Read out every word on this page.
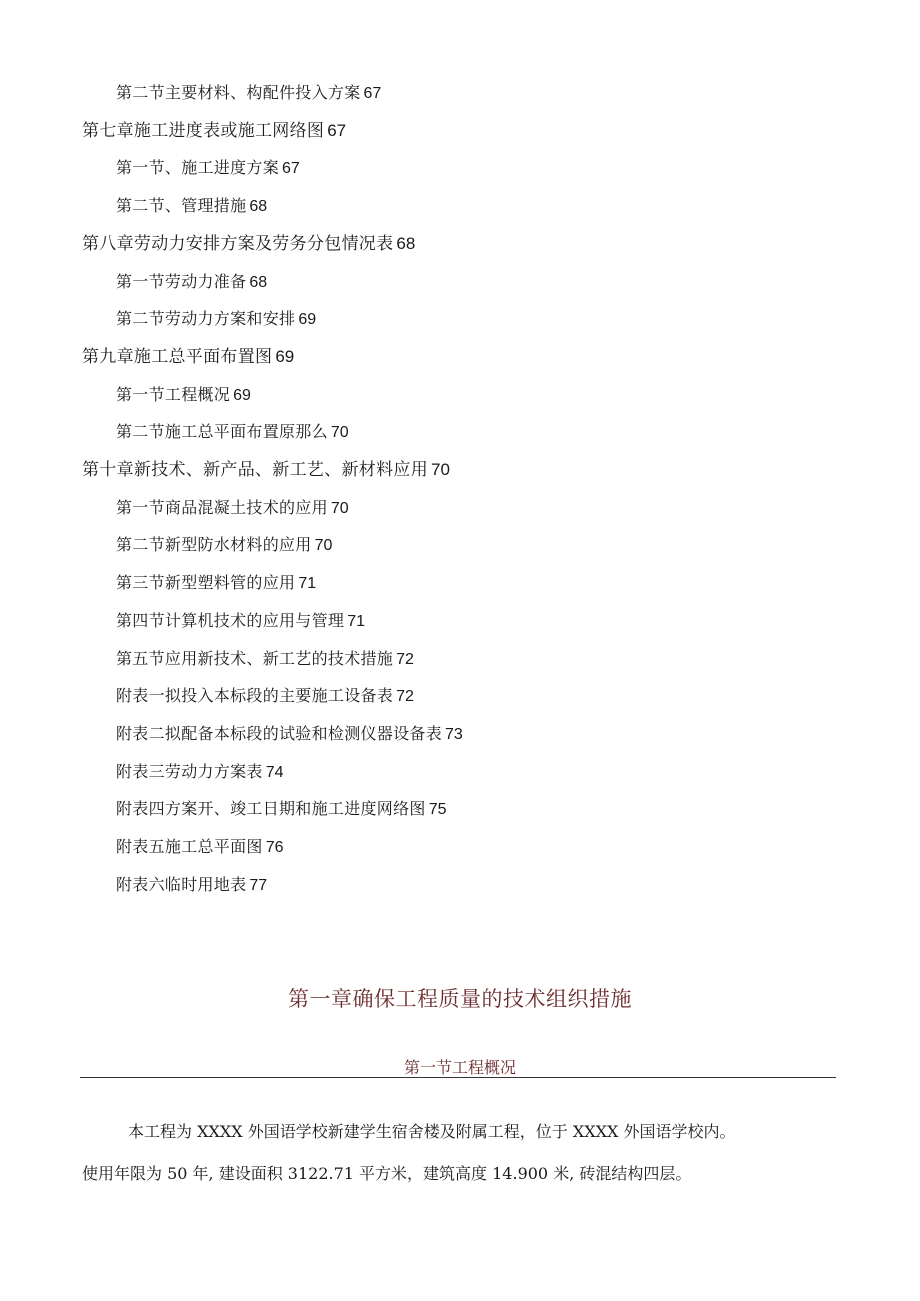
第二节主要材料、构配件投入方案 67
第七章施工进度表或施工网络图 67
第一节、施工进度方案 67
第二节、管理措施 68
第八章劳动力安排方案及劳务分包情况表 68
第一节劳动力准备 68
第二节劳动力方案和安排 69
第九章施工总平面布置图 69
第一节工程概况 69
第二节施工总平面布置原那么 70
第十章新技术、新产品、新工艺、新材料应用 70
第一节商品混凝土技术的应用 70
第二节新型防水材料的应用 70
第三节新型塑料管的应用 71
第四节计算机技术的应用与管理 71
第五节应用新技术、新工艺的技术措施 72
附表一拟投入本标段的主要施工设备表 72
附表二拟配备本标段的试验和检测仪器设备表 73
附表三劳动力方案表 74
附表四方案开、竣工日期和施工进度网络图 75
附表五施工总平面图 76
附表六临时用地表 77
第一章确保工程质量的技术组织措施
第一节工程概况
本工程为 XXXX 外国语学校新建学生宿舍楼及附属工程，位于 XXXX 外国语学校内。
使用年限为 50 年, 建设面积 3122.71 平方米，建筑高度 14.900 米, 砖混结构四层。
